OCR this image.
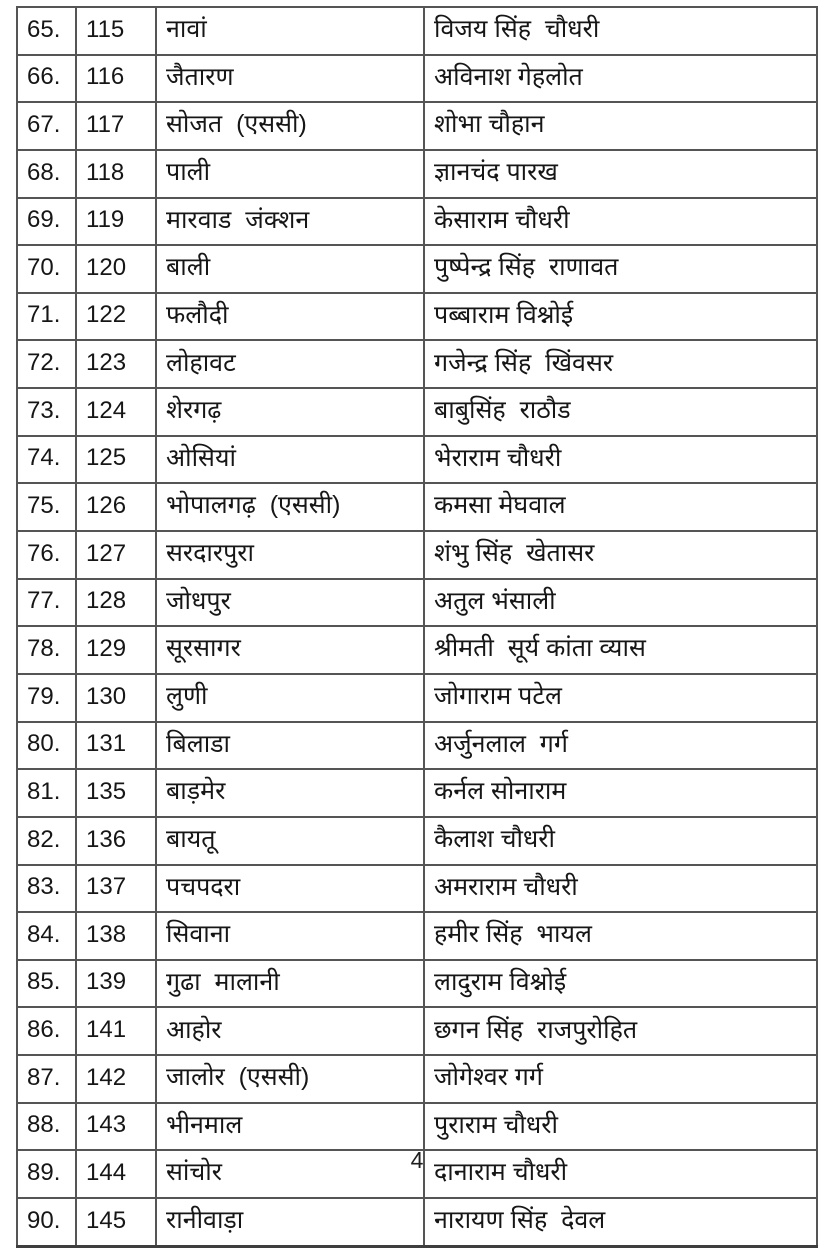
65.	115	नावां	विजय सिंह  चौधरी
66.	116	जैतारण	अविनाश गेहलोत
67.	117	सोजत  (एससी)	शोभा चौहान
68.	118	पाली	ज्ञानचंद पारख
69.	119	मारवाड  जंक्शन	केसाराम चौधरी
70.	120	बाली	पुष्पेन्द्र सिंह  राणावत
71.	122	फलौदी	पब्बाराम विश्नोई
72.	123	लोहावट	गजेन्द्र सिंह  खिंवसर
73.	124	शेरगढ़	बाबुसिंह  राठौड
74.	125	ओसियां	भेराराम चौधरी
75.	126	भोपालगढ़  (एससी)	कमसा मेघवाल
76.	127	सरदारपुरा	शंभु सिंह  खेतासर
77.	128	जोधपुर	अतुल भंसाली
78.	129	सूरसागर	श्रीमती  सूर्य कांता व्यास
79.	130	लुणी	जोगाराम पटेल
80.	131	बिलाडा	अर्जुनलाल  गर्ग
81.	135	बाड़मेर	कर्नल सोनाराम
82.	136	बायतू	कैलाश चौधरी
83.	137	पचपदरा	अमराराम चौधरी
84.	138	सिवाना	हमीर सिंह  भायल
85.	139	गुढा  मालानी	लादुराम विश्नोई
86.	141	आहोर	छगन सिंह  राजपुरोहित
87.	142	जालोर  (एससी)	जोगेश्वर गर्ग
88.	143	भीनमाल	पुराराम चौधरी
89.	144	सांचोर	दानाराम चौधरी
90.	145	रानीवाड़ा	नारायण सिंह  देवल
4
